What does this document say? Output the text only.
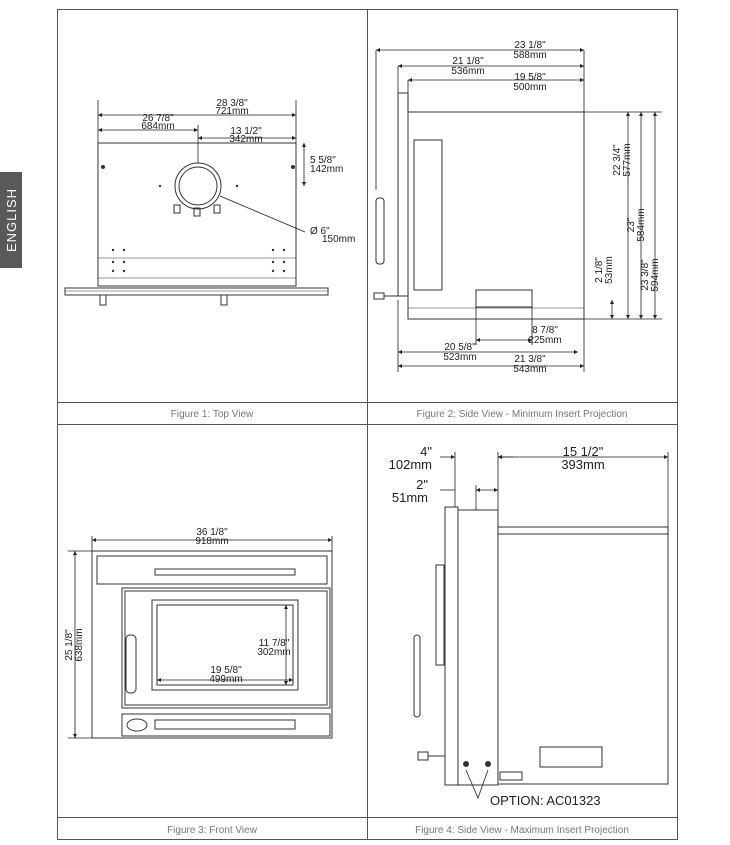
ENGLISH
Figure 1: Top View	Figure 2: Side View - Minimum Insert Projection
Figure 3: Front View	Figure 4: Side View - Maximum Insert Projection
28 3/8"
721mm
26 7/8"
684mm	13 1/2"
342mm
5 5/8"
142mm
Ø 6"
150mm
23 1/8"
588mm
21 1/8"
536mm
19 5/8"
500mm
22 3/4"577mm
23"584mm
23 3/8"594mm
2 1/8"53mm
8 7/8"
225mm
20 5/8"
523mm	21 3/8"
543mm
36 1/8"
918mm
25 1/8"638mm	11 7/8"
302mm
19 5/8"
499mm
4"
102mm
2"
51mm
15 1/2"
393mm
OPTION: AC01323
